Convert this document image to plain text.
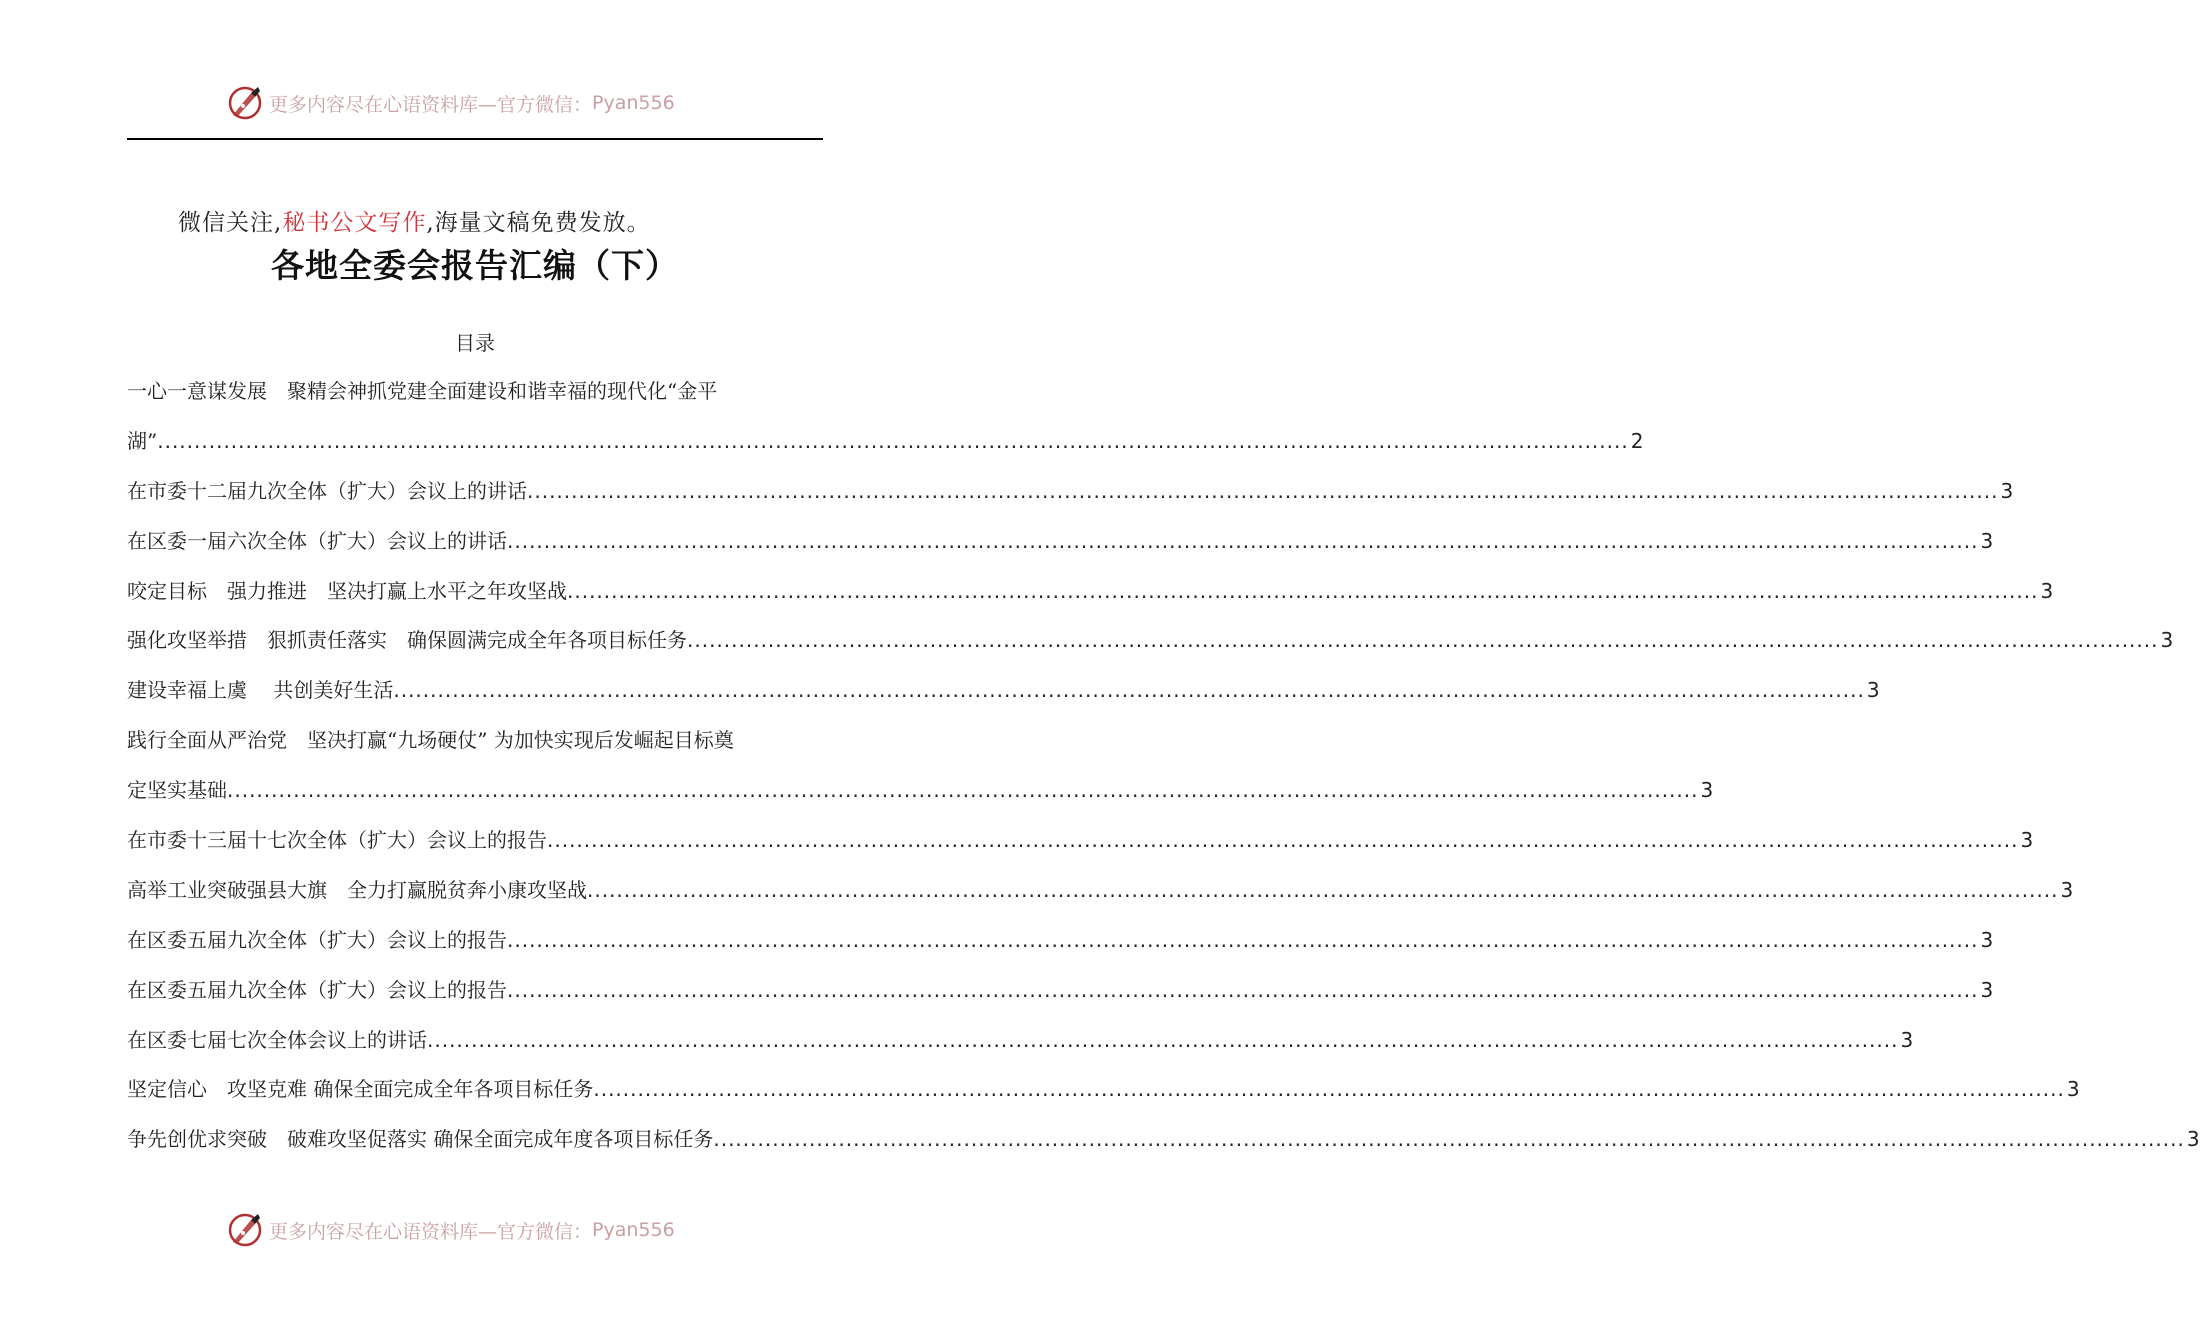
更多内容尽在心语资料库—官方微信： Pyan556
微信关注,秘书公文写作,海量文稿免费发放。
各地全委会报告汇编（下）
目录
一心一意谋发展　聚精会神抓党建全面建设和谐幸福的现代化“金平
湖” ........................................................................................................................................................................................................ 2
在市委十二届九次全体（扩大）会议上的讲话 ........................................................................................................................................................................................................ 3
在区委一届六次全体（扩大）会议上的讲话 ........................................................................................................................................................................................................ 3
咬定目标　强力推进　坚决打赢上水平之年攻坚战 ........................................................................................................................................................................................................ 3
强化攻坚举措　狠抓责任落实　确保圆满完成全年各项目标任务 ........................................................................................................................................................................................................ 3
建设幸福上虞　 共创美好生活 ........................................................................................................................................................................................................ 3
践行全面从严治党　坚决打赢“九场硬仗” 为加快实现后发崛起目标奠
定坚实基础 ........................................................................................................................................................................................................ 3
在市委十三届十七次全体（扩大）会议上的报告 ........................................................................................................................................................................................................ 3
高举工业突破强县大旗　全力打赢脱贫奔小康攻坚战 ........................................................................................................................................................................................................ 3
在区委五届九次全体（扩大）会议上的报告 ........................................................................................................................................................................................................ 3
在区委五届九次全体（扩大）会议上的报告 ........................................................................................................................................................................................................ 3
在区委七届七次全体会议上的讲话 ........................................................................................................................................................................................................ 3
坚定信心　攻坚克难 确保全面完成全年各项目标任务 ........................................................................................................................................................................................................ 3
争先创优求突破　破难攻坚促落实 确保全面完成年度各项目标任务 ........................................................................................................................................................................................................ 3
更多内容尽在心语资料库—官方微信： Pyan556
